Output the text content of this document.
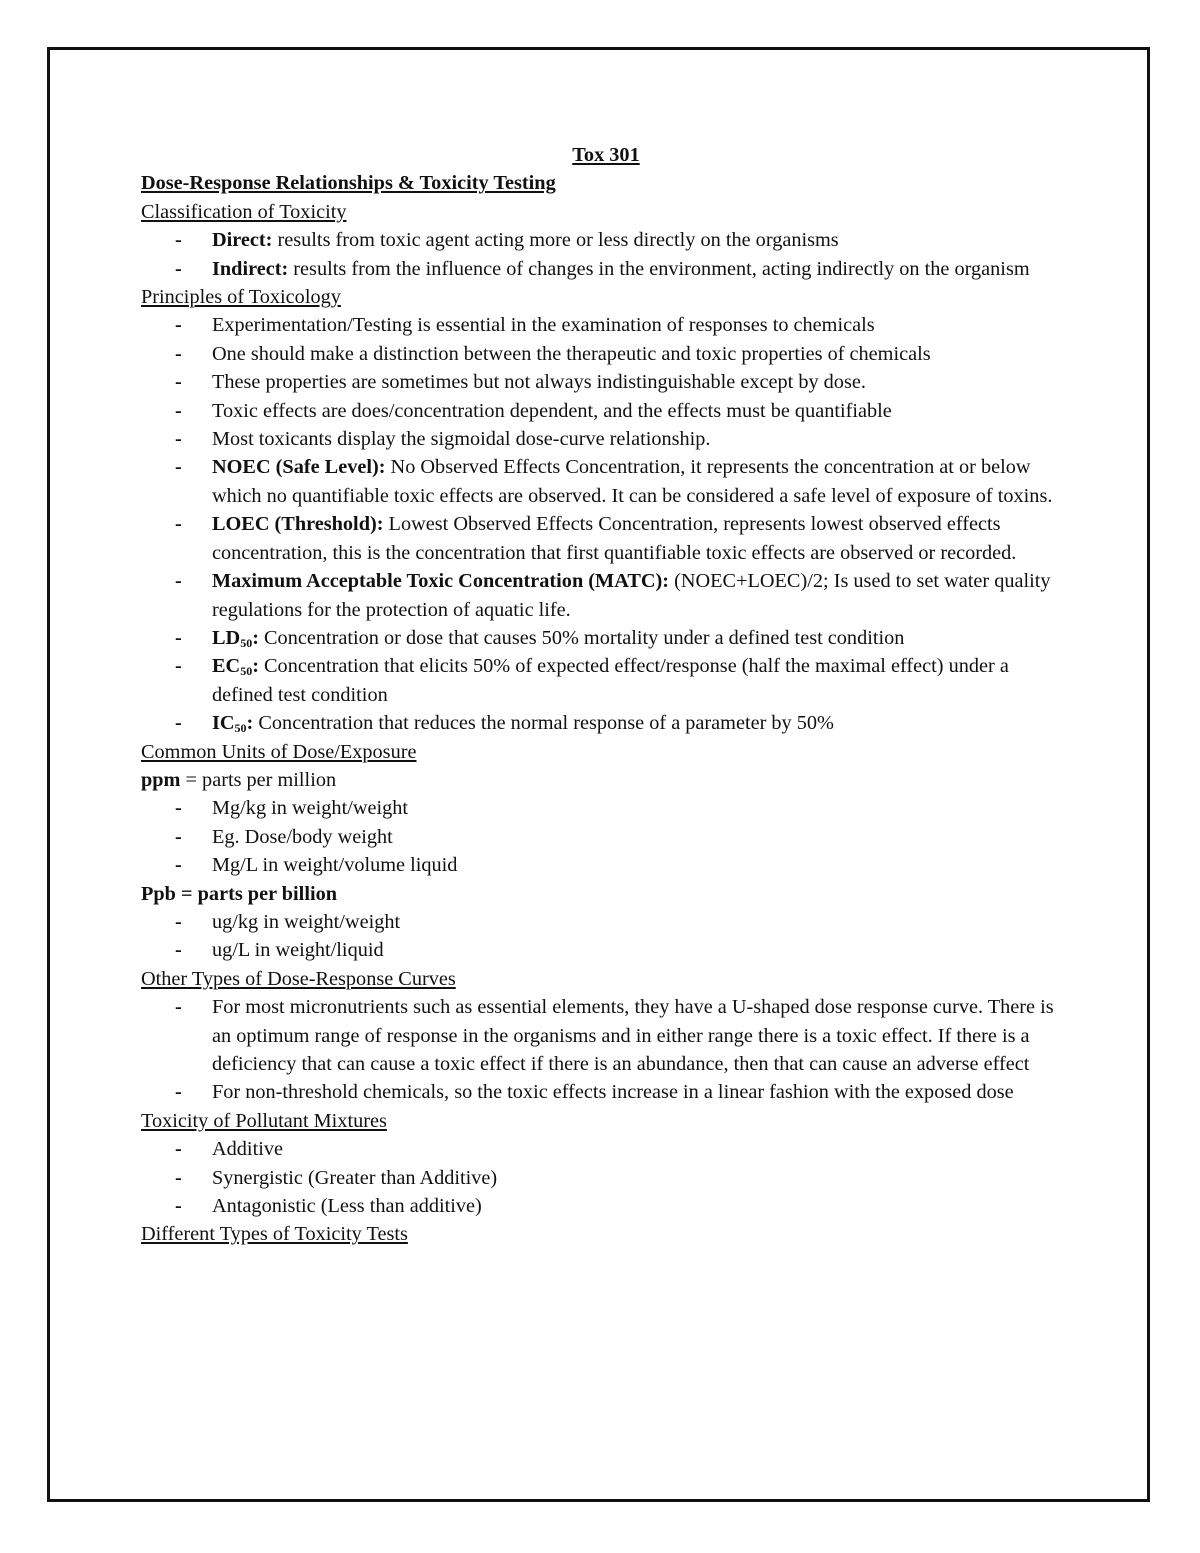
Tox 301
Dose-Response Relationships & Toxicity Testing
Classification of Toxicity
- Direct: results from toxic agent acting more or less directly on the organisms
- Indirect: results from the influence of changes in the environment, acting indirectly on the organism
Principles of Toxicology
- Experimentation/Testing is essential in the examination of responses to chemicals
- One should make a distinction between the therapeutic and toxic properties of chemicals
- These properties are sometimes but not always indistinguishable except by dose.
- Toxic effects are does/concentration dependent, and the effects must be quantifiable
- Most toxicants display the sigmoidal dose-curve relationship.
- NOEC (Safe Level): No Observed Effects Concentration, it represents the concentration at or below which no quantifiable toxic effects are observed. It can be considered a safe level of exposure of toxins.
- LOEC (Threshold): Lowest Observed Effects Concentration, represents lowest observed effects concentration, this is the concentration that first quantifiable toxic effects are observed or recorded.
- Maximum Acceptable Toxic Concentration (MATC): (NOEC+LOEC)/2; Is used to set water quality regulations for the protection of aquatic life.
- $LD_{50}$: Concentration or dose that causes 50% mortality under a defined test condition
- $EC_{50}$: Concentration that elicits 50% of expected effect/response (half the maximal effect) under a defined test condition
- $IC_{50}$: Concentration that reduces the normal response of a parameter by 50%
Common Units of Dose/Exposure
ppm = parts per million
- Mg/kg in weight/weight
- Eg. Dose/body weight
- Mg/L in weight/volume liquid
Ppb = parts per billion
- ug/kg in weight/weight
- ug/L in weight/liquid
Other Types of Dose-Response Curves
- For most micronutrients such as essential elements, they have a U-shaped dose response curve. There is an optimum range of response in the organisms and in either range there is a toxic effect. If there is a deficiency that can cause a toxic effect if there is an abundance, then that can cause an adverse effect
- For non-threshold chemicals, so the toxic effects increase in a linear fashion with the exposed dose
Toxicity of Pollutant Mixtures
- Additive
- Synergistic (Greater than Additive)
- Antagonistic (Less than additive)
Different Types of Toxicity Tests
